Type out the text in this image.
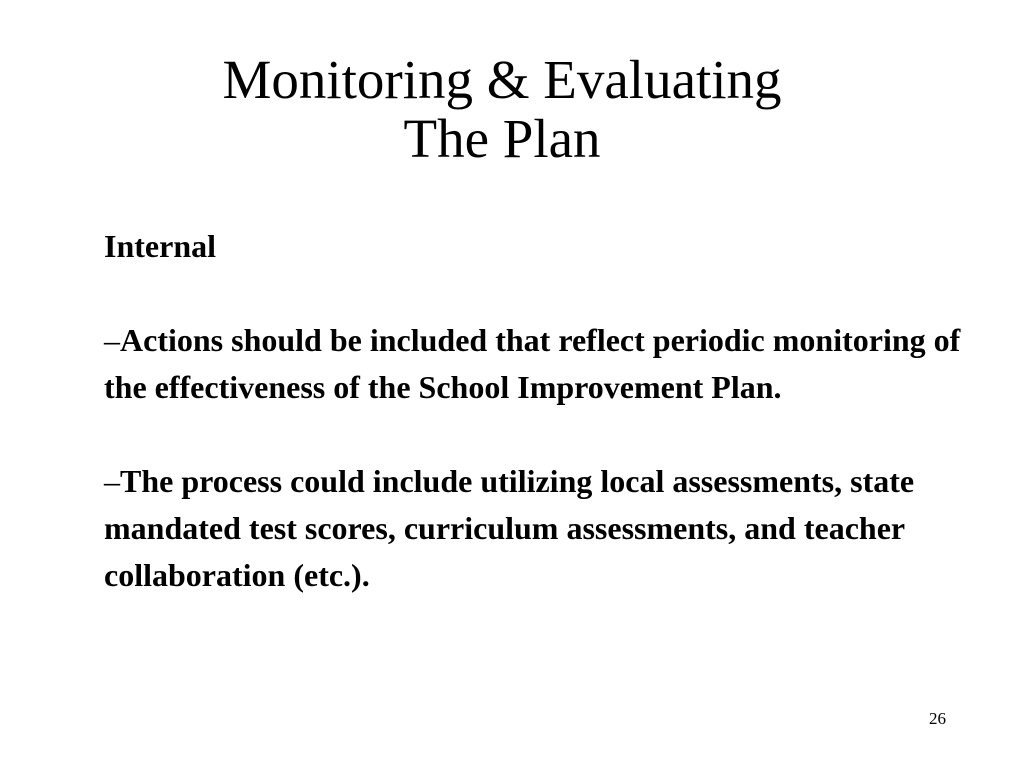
Monitoring & Evaluating
The Plan

Internal

–Actions should be included that reflect periodic monitoring of the effectiveness of the School Improvement Plan.

–The process could include utilizing local assessments, state mandated test scores, curriculum assessments, and teacher collaboration (etc.).

26
